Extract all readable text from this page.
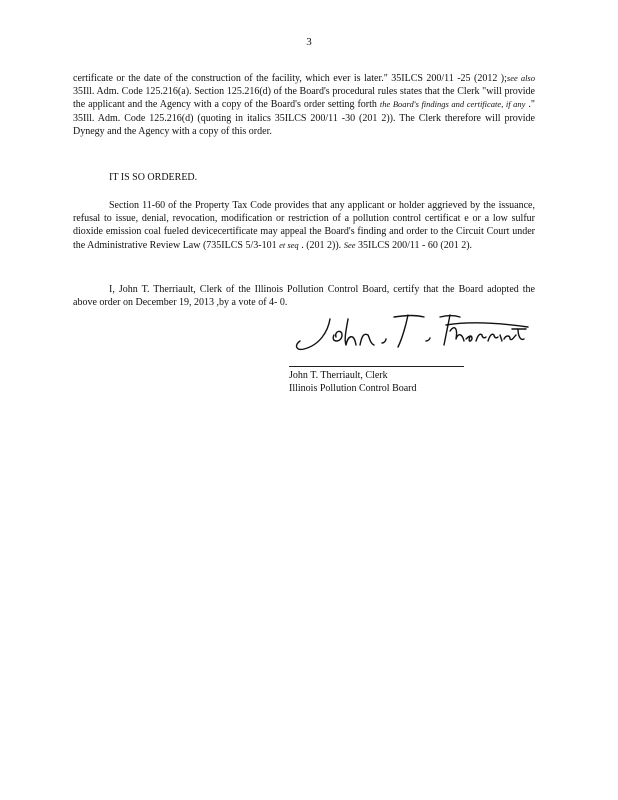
3

certificate or the date of the construction of the facility, which ever is later." 35ILCS 200/11 -25 (2012 );see also 35Ill. Adm. Code 125.216(a). Section 125.216(d) of the Board's procedural rules states that the Clerk "will provide the applicant and the Agency with a copy of the Board's order setting forth the Board's findings and certificate, if any ." 35Ill. Adm. Code 125.216(d) (quoting in italics 35ILCS 200/11 -30 (201 2)). The Clerk therefore will provide Dynegy and the Agency with a copy of this order.

IT IS SO ORDERED.

Section 11-60 of the Property Tax Code provides that any applicant or holder aggrieved by the issuance, refusal to issue, denial, revocation, modification or restriction of a pollution control certificat e or a low sulfur dioxide emission coal fueled devicecertificate may appeal the Board's finding and order to the Circuit Court under the Administrative Review Law (735ILCS 5/3-101 et seq . (201 2)). See 35ILCS 200/11 - 60 (201 2).

I, John T. Therriault, Clerk of the Illinois Pollution Control Board, certify that the Board adopted the above order on December 19, 2013 ,by a vote of 4- 0.

John T. Therriault, Clerk
Illinois Pollution Control Board
